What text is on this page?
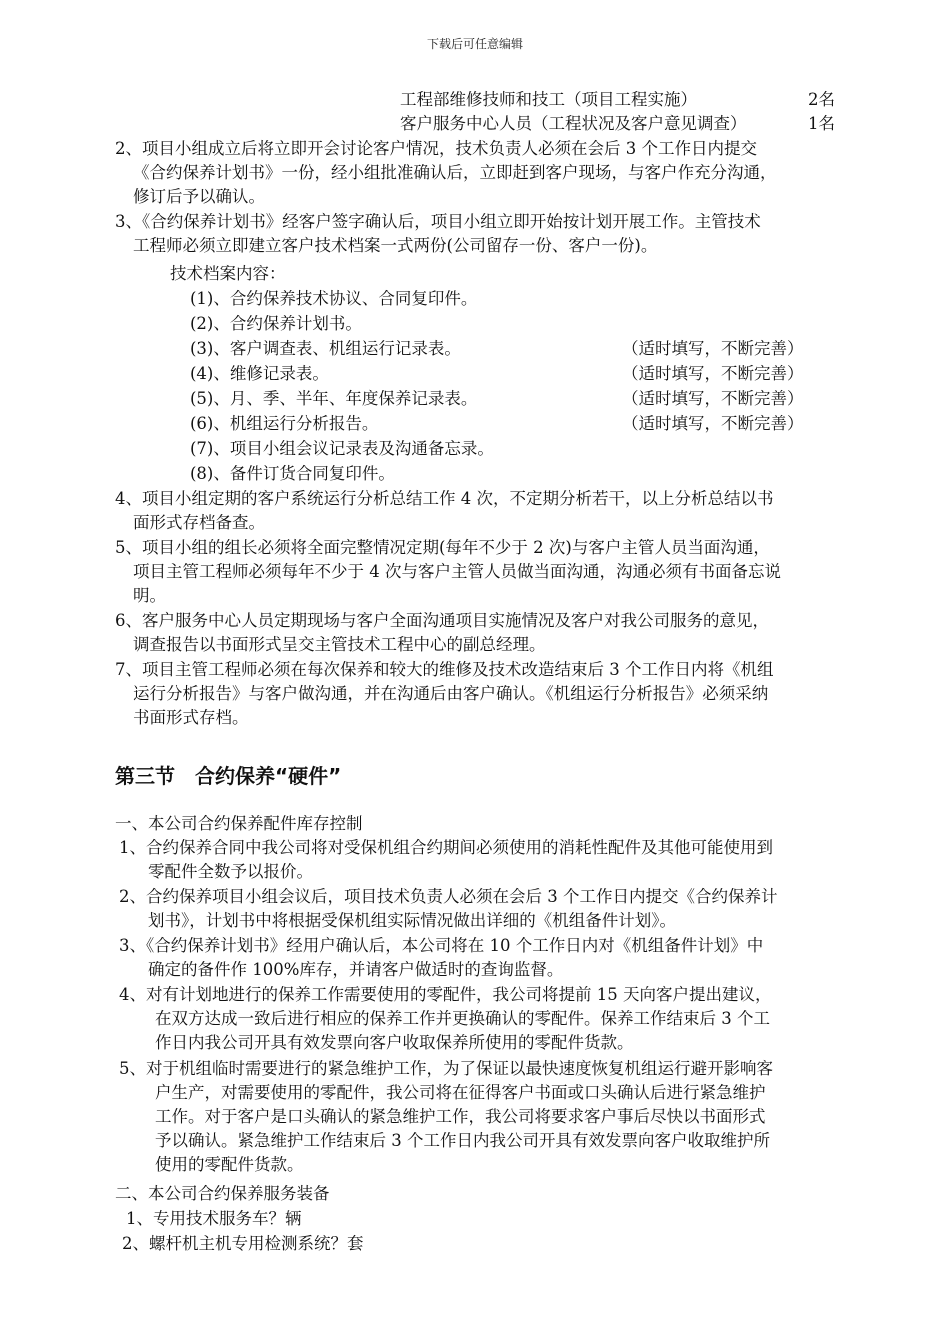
下载后可任意编辑
工程部维修技师和技工（项目工程实施）	2名
客户服务中心人员（工程状况及客户意见调查）	1名
2、项目小组成立后将立即开会讨论客户情况，技术负责人必须在会后 3 个工作日内提交
《合约保养计划书》一份，经小组批准确认后，立即赶到客户现场，与客户作充分沟通，
修订后予以确认。
3、《合约保养计划书》经客户签字确认后，项目小组立即开始按计划开展工作。主管技术
工程师必须立即建立客户技术档案一式两份(公司留存一份、客户一份)。
技术档案内容：
(1)、合约保养技术协议、合同复印件。
(2)、合约保养计划书。
(3)、客户调查表、机组运行记录表。	（适时填写，不断完善）
(4)、维修记录表。	（适时填写，不断完善）
(5)、月、季、半年、年度保养记录表。	（适时填写，不断完善）
(6)、机组运行分析报告。	（适时填写，不断完善）
(7)、项目小组会议记录表及沟通备忘录。
(8)、备件订货合同复印件。
4、项目小组定期的客户系统运行分析总结工作 4 次，不定期分析若干，以上分析总结以书
面形式存档备查。
5、项目小组的组长必须将全面完整情况定期(每年不少于 2 次)与客户主管人员当面沟通，
项目主管工程师必须每年不少于 4 次与客户主管人员做当面沟通，沟通必须有书面备忘说
明。
6、客户服务中心人员定期现场与客户全面沟通项目实施情况及客户对我公司服务的意见，
调查报告以书面形式呈交主管技术工程中心的副总经理。
7、项目主管工程师必须在每次保养和较大的维修及技术改造结束后 3 个工作日内将《机组
运行分析报告》与客户做沟通，并在沟通后由客户确认。《机组运行分析报告》必须采纳
书面形式存档。
第三节　合约保养“硬件”
一、本公司合约保养配件库存控制
1、合约保养合同中我公司将对受保机组合约期间必须使用的消耗性配件及其他可能使用到
零配件全数予以报价。
2、合约保养项目小组会议后，项目技术负责人必须在会后 3 个工作日内提交《合约保养计
划书》，计划书中将根据受保机组实际情况做出详细的《机组备件计划》。
3、《合约保养计划书》经用户确认后，本公司将在 10 个工作日内对《机组备件计划》中
确定的备件作 100%库存，并请客户做适时的查询监督。
4、对有计划地进行的保养工作需要使用的零配件，我公司将提前 15 天向客户提出建议，
在双方达成一致后进行相应的保养工作并更换确认的零配件。保养工作结束后 3 个工
作日内我公司开具有效发票向客户收取保养所使用的零配件货款。
5、对于机组临时需要进行的紧急维护工作，为了保证以最快速度恢复机组运行避开影响客
户生产，对需要使用的零配件，我公司将在征得客户书面或口头确认后进行紧急维护
工作。对于客户是口头确认的紧急维护工作，我公司将要求客户事后尽快以书面形式
予以确认。紧急维护工作结束后 3 个工作日内我公司开具有效发票向客户收取维护所
使用的零配件货款。
二、本公司合约保养服务装备
1、专用技术服务车？辆
2、螺杆机主机专用检测系统？套
